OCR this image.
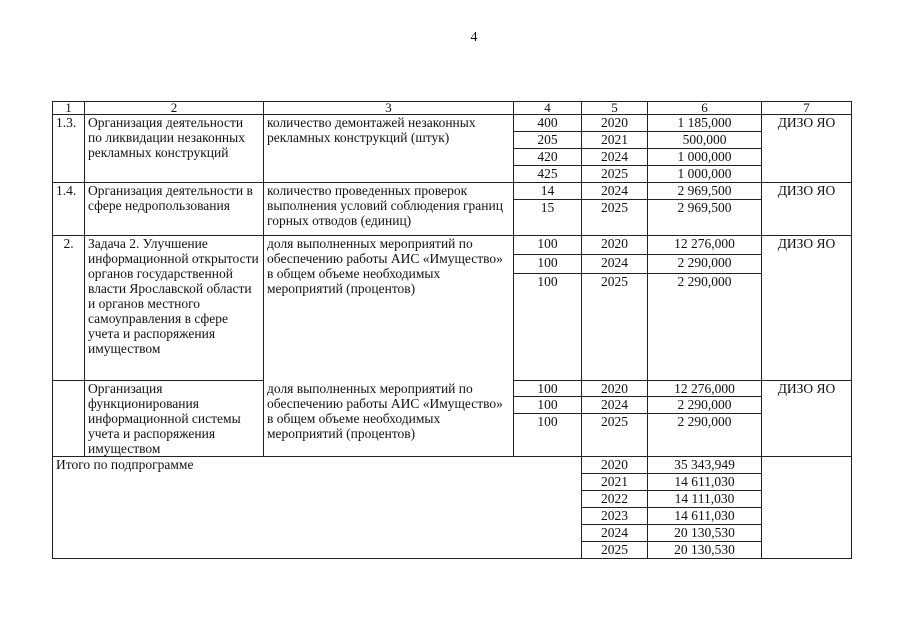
4
1	2	3	4	5	6	7
1.3.	Организация деятельности по ликвидации незаконных рекламных конструкций	количество демонтажей незаконных рекламных конструкций (штук)	400	2020	1 185,000	ДИЗО ЯО
			205	2021	500,000	
			420	2024	1 000,000	
			425	2025	1 000,000	
1.4.	Организация деятельности в сфере недропользования	количество проведенных проверок выполнения условий соблюдения границ горных отводов (единиц)	14	2024	2 969,500	ДИЗО ЯО
			15	2025	2 969,500	
2.	Задача 2. Улучшение информационной открытости органов государственной власти Ярославской области и органов местного самоуправления в сфере учета и распоряжения имуществом	доля выполненных мероприятий по обеспечению работы АИС «Имущество» в общем объеме необходимых мероприятий (процентов)	100	2020	12 276,000	ДИЗО ЯО
			100	2024	2 290,000	
			100	2025	2 290,000	
	Организация функционирования информационной системы учета и распоряжения имуществом	доля выполненных мероприятий по обеспечению работы АИС «Имущество» в общем объеме необходимых мероприятий (процентов)	100	2020	12 276,000	ДИЗО ЯО
			100	2024	2 290,000	
			100	2025	2 290,000	
Итого по подпрограмме				2020	35 343,949	
				2021	14 611,030	
				2022	14 111,030	
				2023	14 611,030	
				2024	20 130,530	
				2025	20 130,530	
